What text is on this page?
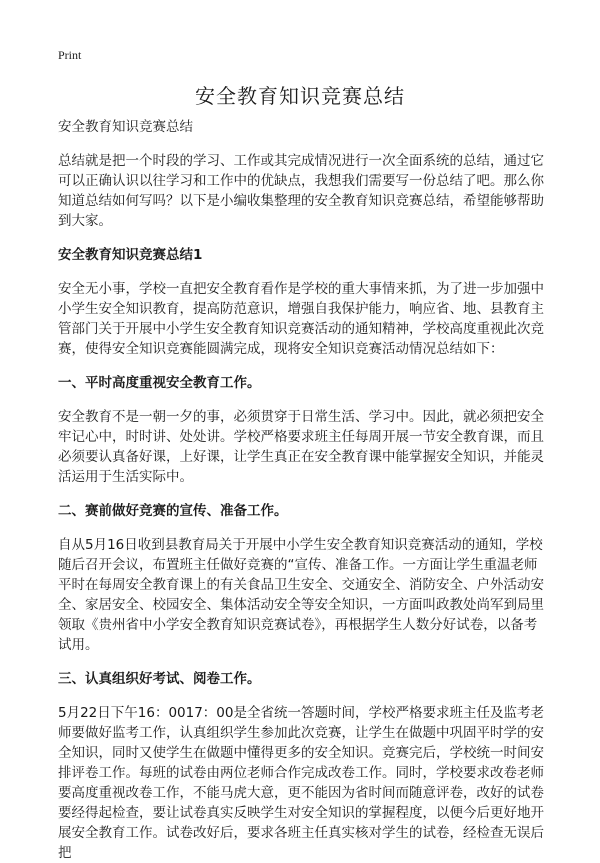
Print
安全教育知识竞赛总结

安全教育知识竞赛总结

总结就是把一个时段的学习、工作或其完成情况进行一次全面系统的总结，通过它可以正确认识以往学习和工作中的优缺点，我想我们需要写一份总结了吧。那么你知道总结如何写吗？以下是小编收集整理的安全教育知识竞赛总结，希望能够帮助到大家。

安全教育知识竞赛总结1

安全无小事，学校一直把安全教育看作是学校的重大事情来抓，为了进一步加强中小学生安全知识教育，提高防范意识，增强自我保护能力，响应省、地、县教育主管部门关于开展中小学生安全教育知识竞赛活动的通知精神，学校高度重视此次竞赛，使得安全知识竞赛能圆满完成，现将安全知识竞赛活动情况总结如下：

一、平时高度重视安全教育工作。

安全教育不是一朝一夕的事，必须贯穿于日常生活、学习中。因此，就必须把安全牢记心中，时时讲、处处讲。学校严格要求班主任每周开展一节安全教育课，而且必须要认真备好课，上好课，让学生真正在安全教育课中能掌握安全知识，并能灵活运用于生活实际中。

二、赛前做好竞赛的宣传、准备工作。

自从5月16日收到县教育局关于开展中小学生安全教育知识竞赛活动的通知，学校随后召开会议，布置班主任做好竞赛的“宣传、准备工作。一方面让学生重温老师平时在每周安全教育课上的有关食品卫生安全、交通安全、消防安全、户外活动安全、家居安全、校园安全、集体活动安全等安全知识，一方面叫政教处尚军到局里领取《贵州省中小学安全教育知识竞赛试卷》，再根据学生人数分好试卷，以备考试用。

三、认真组织好考试、阅卷工作。

5月22日下午16：0017：00是全省统一答题时间，学校严格要求班主任及监考老师要做好监考工作，认真组织学生参加此次竞赛，让学生在做题中巩固平时学的安全知识，同时又使学生在做题中懂得更多的安全知识。竞赛完后，学校统一时间安排评卷工作。每班的试卷由两位老师合作完成改卷工作。同时，学校要求改卷老师要高度重视改卷工作，不能马虎大意，更不能因为省时间而随意评卷，改好的试卷要经得起检查，要让试卷真实反映学生对安全知识的掌握程度，以便今后更好地开展安全教育工作。试卷改好后，要求各班主任真实核对学生的试卷，经检查无误后把
